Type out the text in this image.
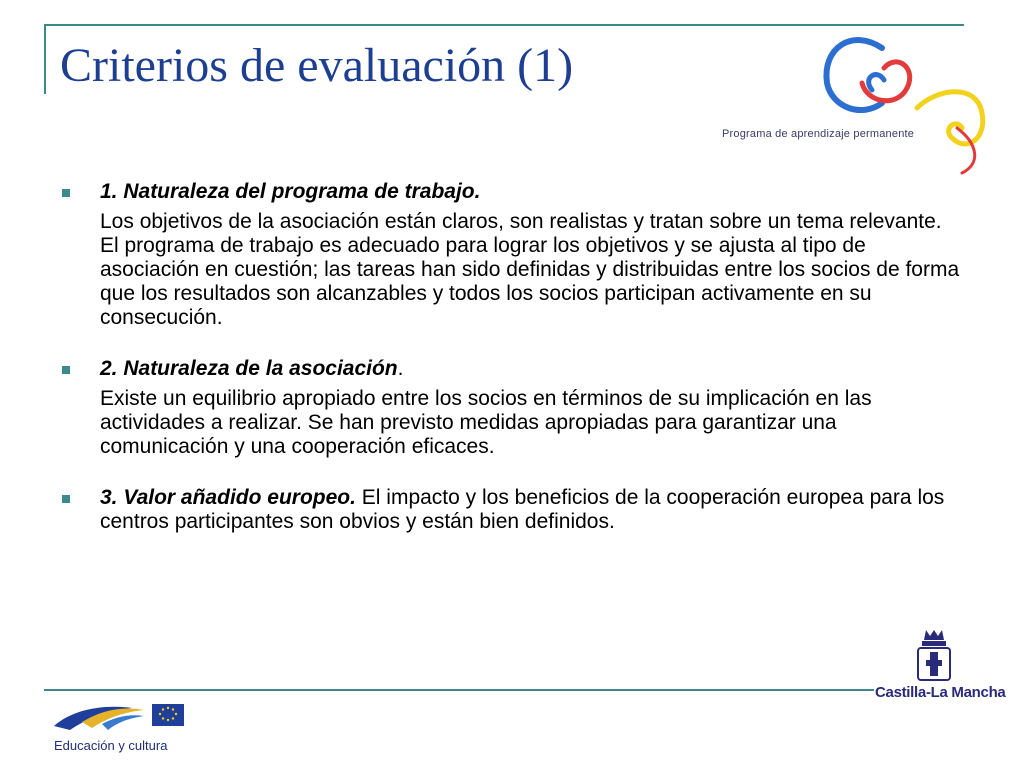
Criterios de evaluación (1)
Programa de aprendizaje permanente
1. Naturaleza del programa de trabajo.
Los objetivos de la asociación están claros, son realistas y tratan sobre un tema relevante. El programa de trabajo es adecuado para lograr los objetivos y se ajusta al tipo de asociación en cuestión; las tareas han sido definidas y distribuidas entre los socios de forma que los resultados son alcanzables y todos los socios participan activamente en su consecución.
2. Naturaleza de la asociación.
Existe un equilibrio apropiado entre los socios en términos de su implicación en las actividades a realizar. Se han previsto medidas apropiadas para garantizar una comunicación y una cooperación eficaces.
3. Valor añadido europeo. El impacto y los beneficios de la cooperación europea para los centros participantes son obvios y están bien definidos.
Castilla-La Mancha
Educación y cultura
